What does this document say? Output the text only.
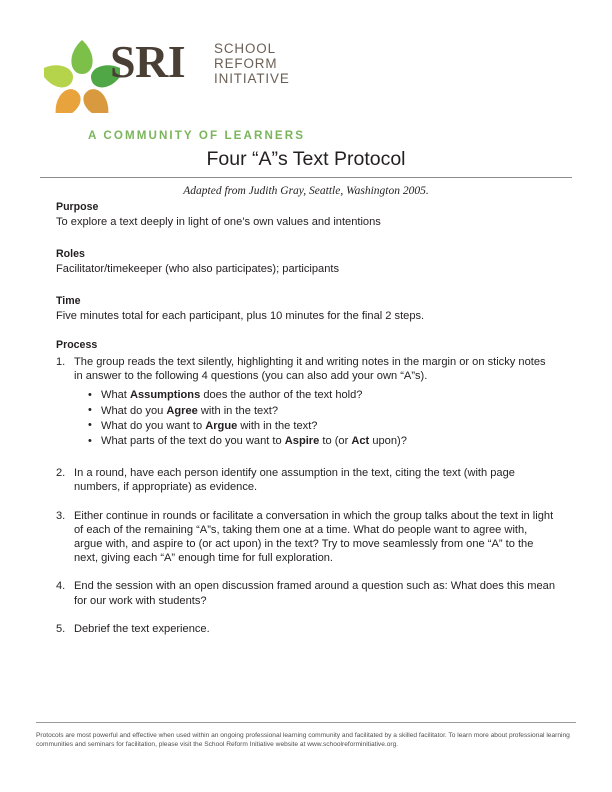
SRI SCHOOL
REFORM
INITIATIVE
A COMMUNITY OF LEARNERS
Four “A”s Text Protocol

Adapted from Judith Gray, Seattle, Washington 2005.

Purpose

To explore a text deeply in light of one’s own values and intentions

Roles

Facilitator/timekeeper (who also participates); participants

Time

Five minutes total for each participant, plus 10 minutes for the final 2 steps.

Process

1. The group reads the text silently, highlighting it and writing notes in the margin or on sticky notes in answer to the following 4 questions (you can also add your own “A”s).
• What Assumptions does the author of the text hold?
• What do you Agree with in the text?
• What do you want to Argue with in the text?
• What parts of the text do you want to Aspire to (or Act upon)?
2. In a round, have each person identify one assumption in the text, citing the text (with page numbers, if appropriate) as evidence.
3. Either continue in rounds or facilitate a conversation in which the group talks about the text in light of each of the remaining “A”s, taking them one at a time. What do people want to agree with, argue with, and aspire to (or act upon) in the text? Try to move seamlessly from one “A” to the next, giving each “A” enough time for full exploration.
4. End the session with an open discussion framed around a question such as: What does this mean for our work with students?
5. Debrief the text experience.

Protocols are most powerful and effective when used within an ongoing professional learning community and facilitated by a skilled facilitator. To learn more about professional learning communities and seminars for facilitation, please visit the School Reform Initiative website at www.schoolreforminitiative.org.
